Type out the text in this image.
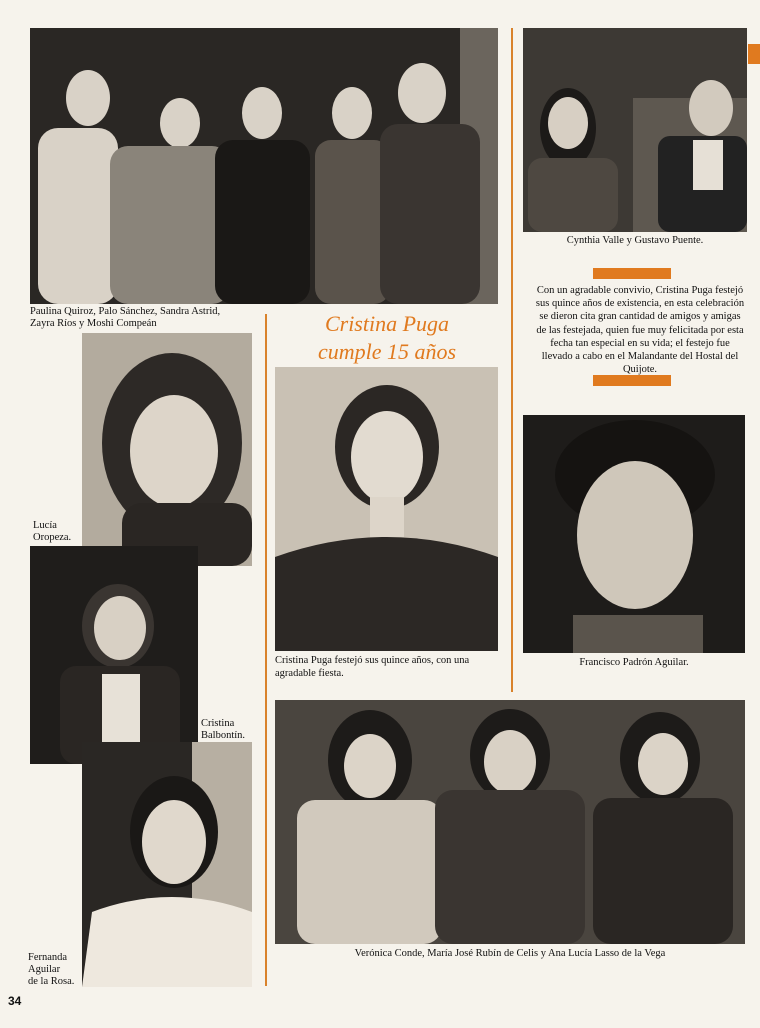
Paulina Quiroz, Palo Sánchez, Sandra Astrid,
Zayra Ríos y Moshi Compeán
Cynthia Valle y Gustavo Puente.
Cristina Puga
cumple 15 años
Con un agradable convivio, Cristina Puga festejó sus quince años de existencia, en esta celebración se dieron cita gran cantidad de amigos y amigas de las festejada, quien fue muy felicitada por esta fecha tan especial en su vida; el festejo fue llevado a cabo en el Malandante del Hostal del Quijote.
Lucía
Oropeza.
Cristina Puga festejó sus quince años, con una agradable fiesta.
Francisco Padrón Aguilar.
Cristina
Balbontín.
Fernanda
Aguilar
de la Rosa.
Verónica Conde, María José Rubín de Celis y Ana Lucía Lasso de la Vega
34
